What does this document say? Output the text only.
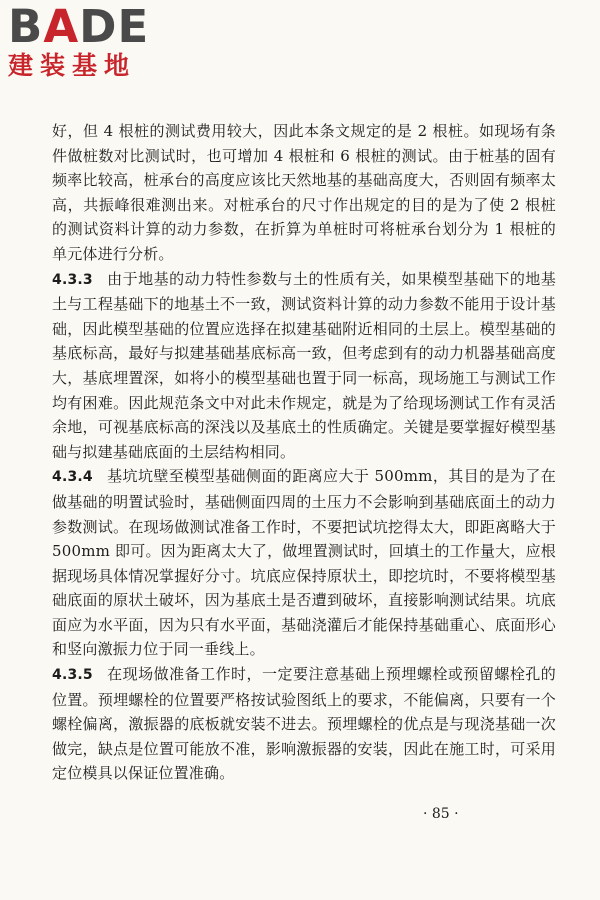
BADE
建装基地

好，但 4 根桩的测试费用较大，因此本条文规定的是 2 根桩。如现场有条件做桩数对比测试时，也可增加 4 根桩和 6 根桩的测试。由于桩基的固有频率比较高，桩承台的高度应该比天然地基的基础高度大，否则固有频率太高，共振峰很难测出来。对桩承台的尺寸作出规定的目的是为了使 2 根桩的测试资料计算的动力参数，在折算为单桩时可将桩承台划分为 1 根桩的单元体进行分析。

4.3.3 由于地基的动力特性参数与土的性质有关，如果模型基础下的地基土与工程基础下的地基土不一致，测试资料计算的动力参数不能用于设计基础，因此模型基础的位置应选择在拟建基础附近相同的土层上。模型基础的基底标高，最好与拟建基础基底标高一致，但考虑到有的动力机器基础高度大，基底埋置深，如将小的模型基础也置于同一标高，现场施工与测试工作均有困难。因此规范条文中对此未作规定，就是为了给现场测试工作有灵活余地，可视基底标高的深浅以及基底土的性质确定。关键是要掌握好模型基础与拟建基础底面的土层结构相同。

4.3.4 基坑坑壁至模型基础侧面的距离应大于 500mm，其目的是为了在做基础的明置试验时，基础侧面四周的土压力不会影响到基础底面土的动力参数测试。在现场做测试准备工作时，不要把试坑挖得太大，即距离略大于 500mm 即可。因为距离太大了，做埋置测试时，回填土的工作量大，应根据现场具体情况掌握好分寸。坑底应保持原状土，即挖坑时，不要将模型基础底面的原状土破坏，因为基底土是否遭到破坏，直接影响测试结果。坑底面应为水平面，因为只有水平面，基础浇灌后才能保持基础重心、底面形心和竖向激振力位于同一垂线上。

4.3.5 在现场做准备工作时，一定要注意基础上预埋螺栓或预留螺栓孔的位置。预埋螺栓的位置要严格按试验图纸上的要求，不能偏离，只要有一个螺栓偏离，激振器的底板就安装不进去。预埋螺栓的优点是与现浇基础一次做完，缺点是位置可能放不准，影响激振器的安装，因此在施工时，可采用定位模具以保证位置准确。

· 85 ·
